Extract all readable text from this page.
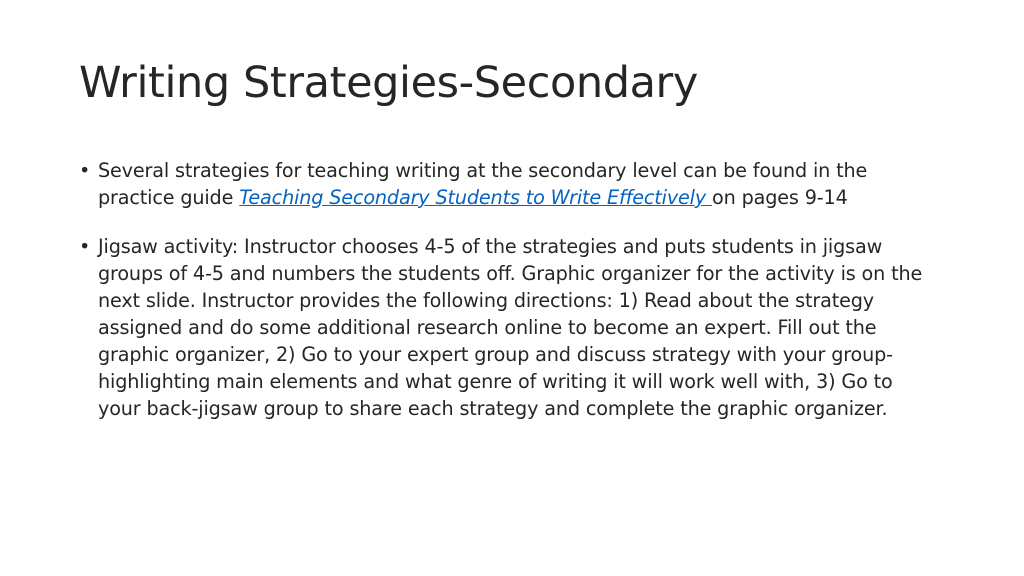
Writing Strategies-Secondary
• Several strategies for teaching writing at the secondary level can be found in the practice guide Teaching Secondary Students to Write Effectively on pages 9-14
• Jigsaw activity: Instructor chooses 4-5 of the strategies and puts students in jigsaw groups of 4-5 and numbers the students off. Graphic organizer for the activity is on the next slide. Instructor provides the following directions: 1) Read about the strategy assigned and do some additional research online to become an expert. Fill out the graphic organizer, 2) Go to your expert group and discuss strategy with your group-highlighting main elements and what genre of writing it will work well with, 3) Go to your back-jigsaw group to share each strategy and complete the graphic organizer.
